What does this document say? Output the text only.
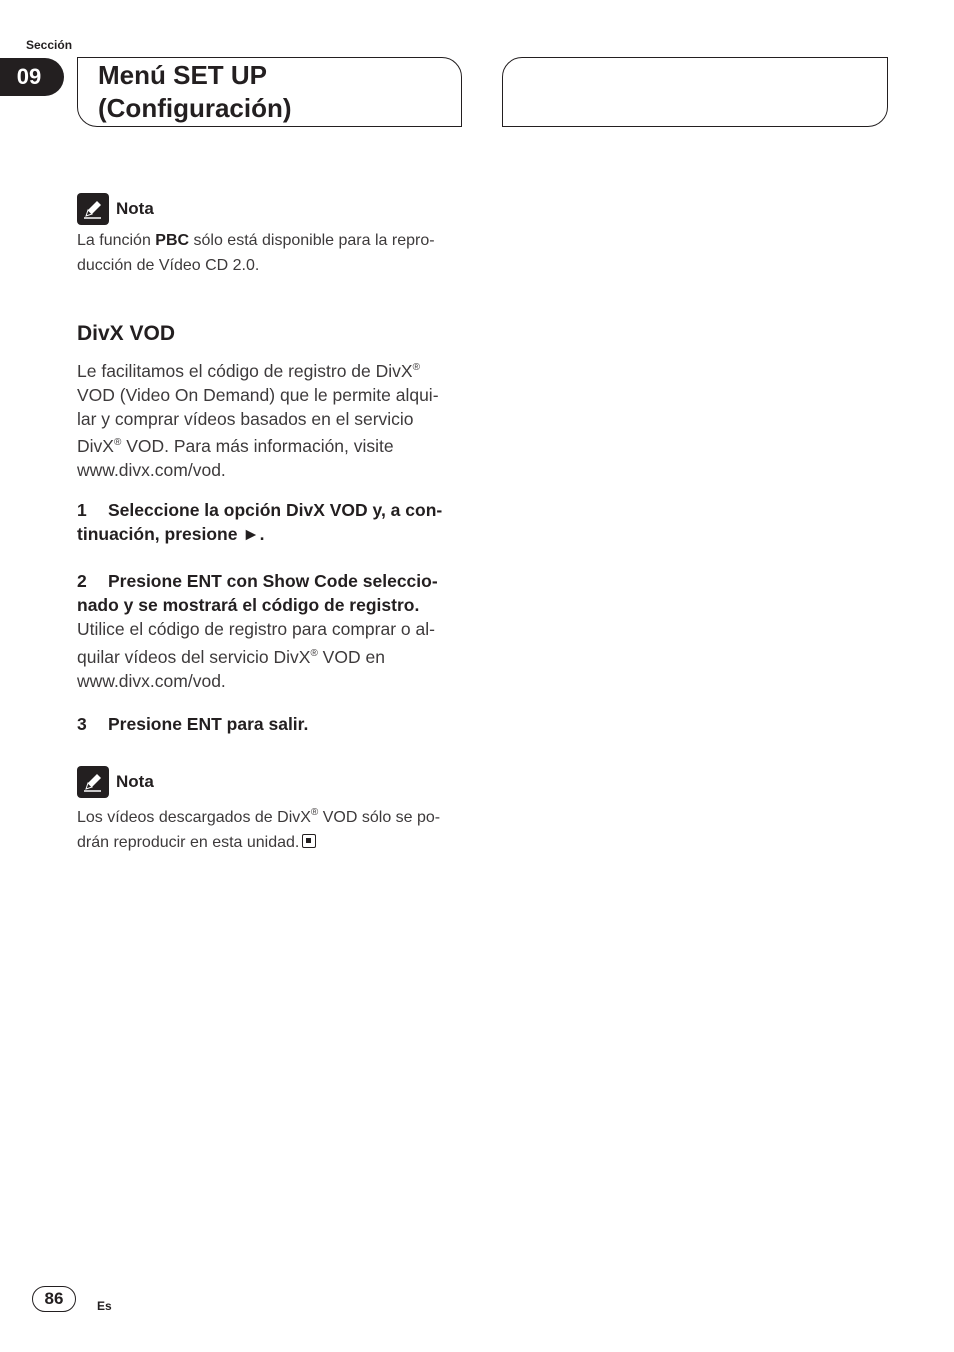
Sección
09	Menú SET UP
(Configuración)
Nota

La función PBC sólo está disponible para la repro-
ducción de Vídeo CD 2.0.

DivX VOD

Le facilitamos el código de registro de DivX®
VOD (Video On Demand) que le permite alqui-
lar y comprar vídeos basados en el servicio
DivX® VOD. Para más información, visite
www.divx.com/vod.

1 Seleccione la opción DivX VOD y, a con-
tinuación, presione ►.

2 Presione ENT con Show Code seleccio-
nado y se mostrará el código de registro.

Utilice el código de registro para comprar o al-
quilar vídeos del servicio DivX® VOD en
www.divx.com/vod.

3 Presione ENT para salir.

Nota

Los vídeos descargados de DivX® VOD sólo se po-
drán reproducir en esta unidad.

86	Es
